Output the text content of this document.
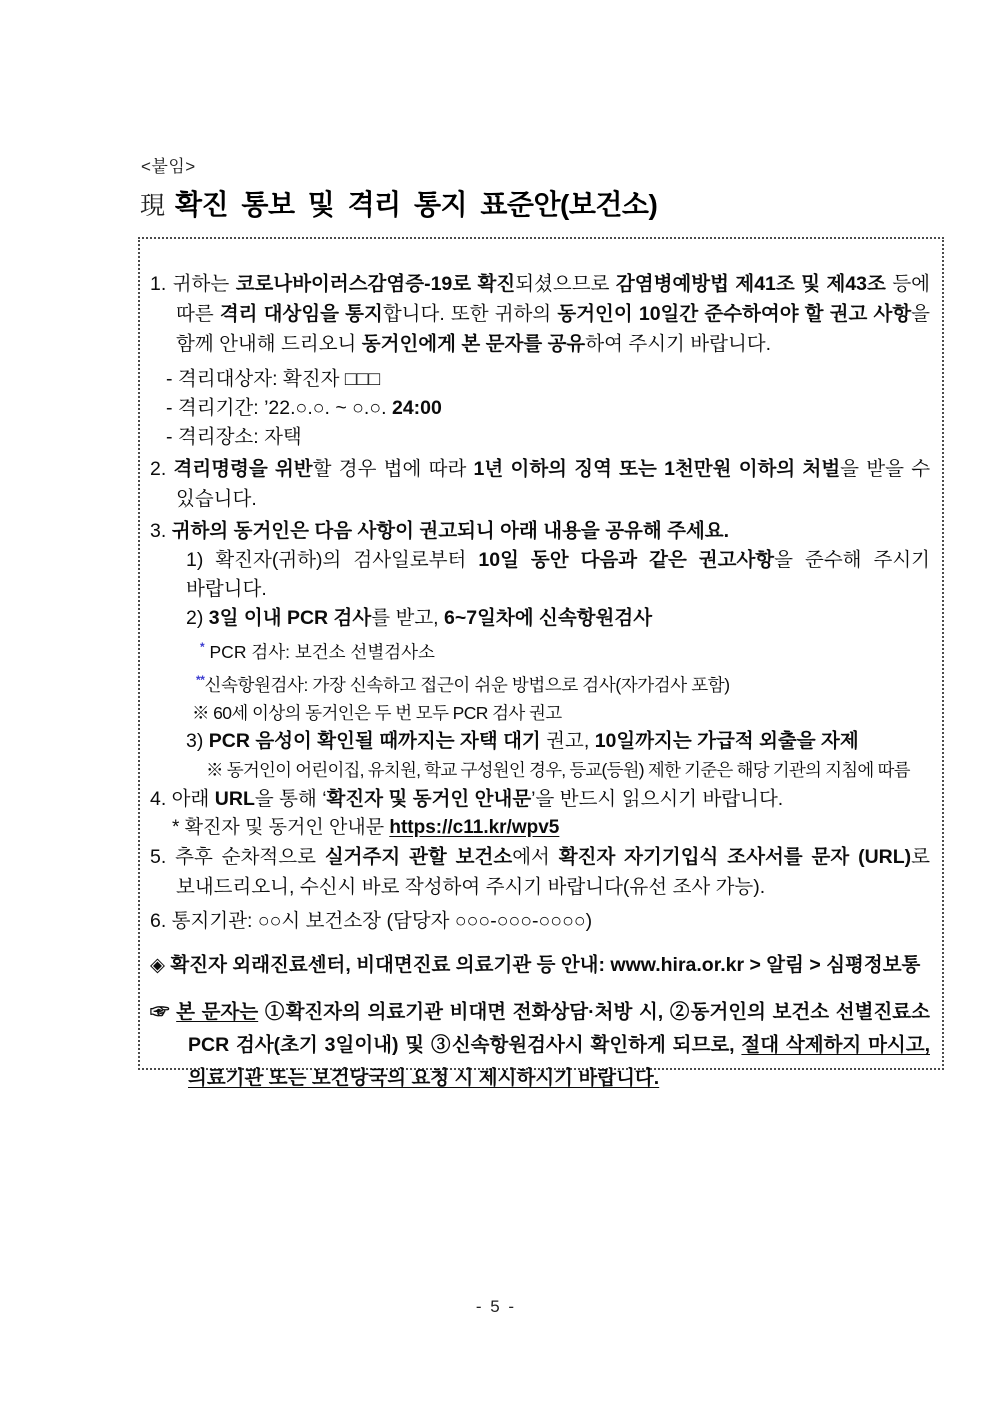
<붙임>
現 확진 통보 및 격리 통지 표준안(보건소)

1. 귀하는 코로나바이러스감염증-19로 확진되셨으므로 감염병예방법 제41조 및 제43조 등에 따른 격리 대상임을 통지합니다. 또한 귀하의 동거인이 10일간 준수하여야 할 권고 사항을 함께 안내해 드리오니 동거인에게 본 문자를 공유하여 주시기 바랍니다.

- 격리대상자: 확진자 □□□

- 격리기간: ’22.○.○. ~ ○.○. 24:00

- 격리장소: 자택

2. 격리명령을 위반할 경우 법에 따라 1년 이하의 징역 또는 1천만원 이하의 처벌을 받을 수 있습니다.

3. 귀하의 동거인은 다음 사항이 권고되니 아래 내용을 공유해 주세요.

1) 확진자(귀하)의 검사일로부터 10일 동안 다음과 같은 권고사항을 준수해 주시기 바랍니다.

2) 3일 이내 PCR 검사를 받고, 6~7일차에 신속항원검사

* PCR 검사: 보건소 선별검사소

**신속항원검사: 가장 신속하고 접근이 쉬운 방법으로 검사(자가검사 포함)

※ 60세 이상의 동거인은 두 번 모두 PCR 검사 권고

3) PCR 음성이 확인될 때까지는 자택 대기 권고, 10일까지는 가급적 외출을 자제

※ 동거인이 어린이집, 유치원, 학교 구성원인 경우, 등교(등원) 제한 기준은 해당 기관의 지침에 따름

4. 아래 URL을 통해 ‘확진자 및 동거인 안내문’을 반드시 읽으시기 바랍니다.

* 확진자 및 동거인 안내문 https://c11.kr/wpv5

5. 추후 순차적으로 실거주지 관할 보건소에서 확진자 자기기입식 조사서를 문자 (URL)로 보내드리오니, 수신시 바로 작성하여 주시기 바랍니다(유선 조사 가능).

6. 통지기관: ○○시 보건소장 (담당자 ○○○-○○○-○○○○)

◈ 확진자 외래진료센터, 비대면진료 의료기관 등 안내: www.hira.or.kr > 알림 > 심평정보통

☞ 본 문자는 ①확진자의 의료기관 비대면 전화상담·처방 시, ②동거인의 보건소 선별진료소 PCR 검사(초기 3일이내) 및 ③신속항원검사시 확인하게 되므로, 절대 삭제하지 마시고, 의료기관 또는 보건당국의 요청 시 제시하시기 바랍니다.

- 5 -
